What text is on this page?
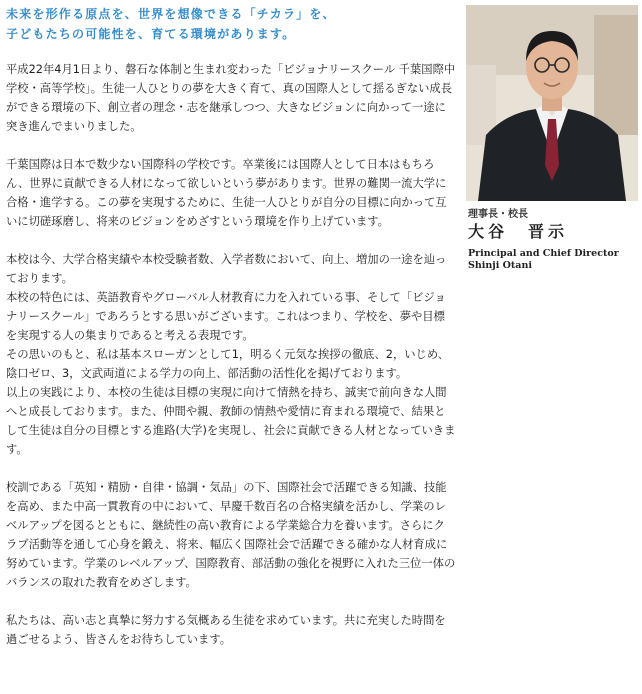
未来を形作る原点を、世界を想像できる「チカラ」を、
子どもたちの可能性を、育てる環境があります。

平成22年4月1日より、磐石な体制と生まれ変わった「ビジョナリースクール 千葉国際中学校・高等学校」。生徒一人ひとりの夢を大きく育て、真の国際人として揺るぎない成長ができる環境の下、創立者の理念・志を継承しつつ、大きなビジョンに向かって一途に突き進んでまいりました。

千葉国際は日本で数少ない国際科の学校です。卒業後には国際人として日本はもちろん、世界に貢献できる人材になって欲しいという夢があります。世界の難関一流大学に合格・進学する。この夢を実現するために、生徒一人ひとりが自分の目標に向かって互いに切磋琢磨し、将来のビジョンをめざすという環境を作り上げています。

本校は今、大学合格実績や本校受験者数、入学者数において、向上、増加の一途を辿っております。

本校の特色には、英語教育やグローバル人材教育に力を入れている事、そして「ビジョナリースクール」であろうとする思いがございます。これはつまり、学校を、夢や目標を実現する人の集まりであると考える表現です。

その思いのもと、私は基本スローガンとして1，明るく元気な挨拶の徹底、2，いじめ、陰口ゼロ、3，文武両道による学力の向上、部活動の活性化を掲げております。

以上の実践により、本校の生徒は目標の実現に向けて情熱を持ち、誠実で前向きな人間へと成長しております。また、仲間や親、教師の情熱や愛情に育まれる環境で、結果として生徒は自分の目標とする進路(大学)を実現し、社会に貢献できる人材となっていきます。

校訓である「英知・精励・自律・協調・気品」の下、国際社会で活躍できる知識、技能を高め、また中高一貫教育の中において、早慶千数百名の合格実績を活かし、学業のレベルアップを図るとともに、継続性の高い教育による学業総合力を養います。さらにクラブ活動等を通して心身を鍛え、将来、幅広く国際社会で活躍できる確かな人材育成に努めています。学業のレベルアップ、国際教育、部活動の強化を視野に入れた三位一体のバランスの取れた教育をめざします。

私たちは、高い志と真摯に努力する気概ある生徒を求めています。共に充実した時間を過ごせるよう、皆さんをお待ちしています。

理事長・校長
大谷　晋示
Principal and Chief Director
Shinji Otani
